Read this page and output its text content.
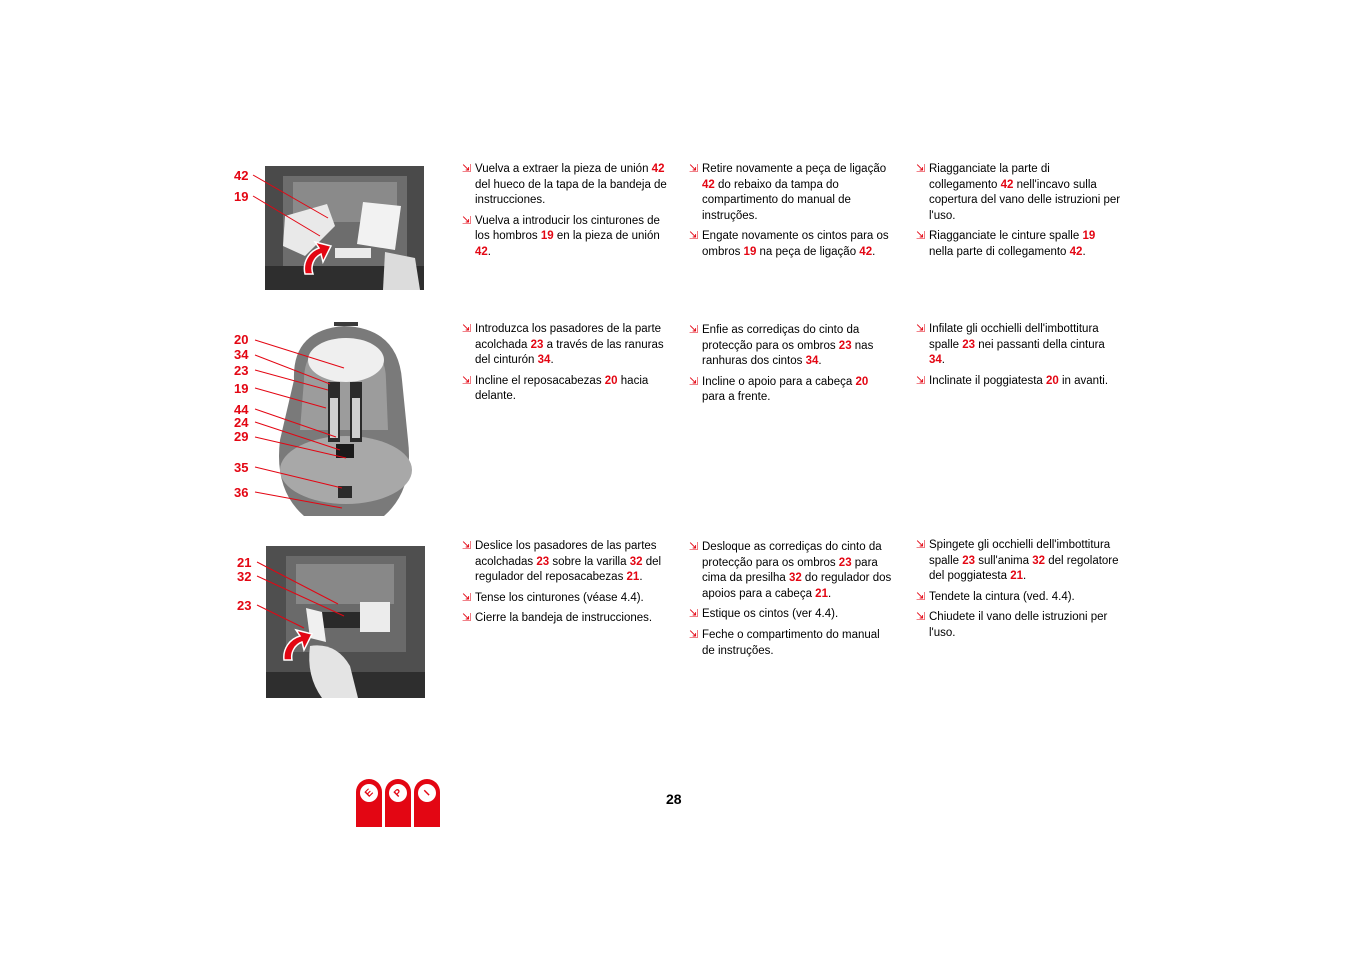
42
19
20
34
23
19
44
24
29
35
36
21
32
23
⇲ Vuelva a extraer la pieza de unión 42 del hueco de la tapa de la bandeja de instrucciones.
⇲ Vuelva a introducir los cinturones de los hombros 19 en la pieza de unión 42.
⇲ Retire novamente a peça de ligação 42 do rebaixo da tampa do compartimento do manual de instruções.
⇲ Engate novamente os cintos para os ombros 19 na peça de ligação 42.
⇲ Riagganciate la parte di collegamento 42 nell'incavo sulla copertura del vano delle istruzioni per l'uso.
⇲ Riagganciate le cinture spalle 19 nella parte di collegamento 42.
⇲ Introduzca los pasadores de la parte acolchada 23 a través de las ranuras del cinturón 34.
⇲ Incline el reposacabezas 20 hacia delante.
⇲ Enfie as corrediças do cinto da protecção para os ombros 23 nas ranhuras dos cintos 34.
⇲ Incline o apoio para a cabeça 20 para a frente.
⇲ Infilate gli occhielli dell'imbottitura spalle 23 nei passanti della cintura 34.
⇲ Inclinate il poggiatesta 20 in avanti.
⇲ Deslice los pasadores de las partes acolchadas 23 sobre la varilla 32 del regulador del reposacabezas 21.
⇲ Tense los cinturones (véase 4.4).
⇲ Cierre la bandeja de instrucciones.
⇲ Desloque as corrediças do cinto da protecção para os ombros 23 para cima da presilha 32 do regulador dos apoios para a cabeça 21.
⇲ Estique os cintos (ver 4.4).
⇲ Feche o compartimento do manual de instruções.
⇲ Spingete gli occhielli dell'imbottitura spalle 23 sull'anima 32 del regolatore del poggiatesta 21.
⇲ Tendete la cintura (ved. 4.4).
⇲ Chiudete il vano delle istruzioni per l'uso.
E	P	I	28
